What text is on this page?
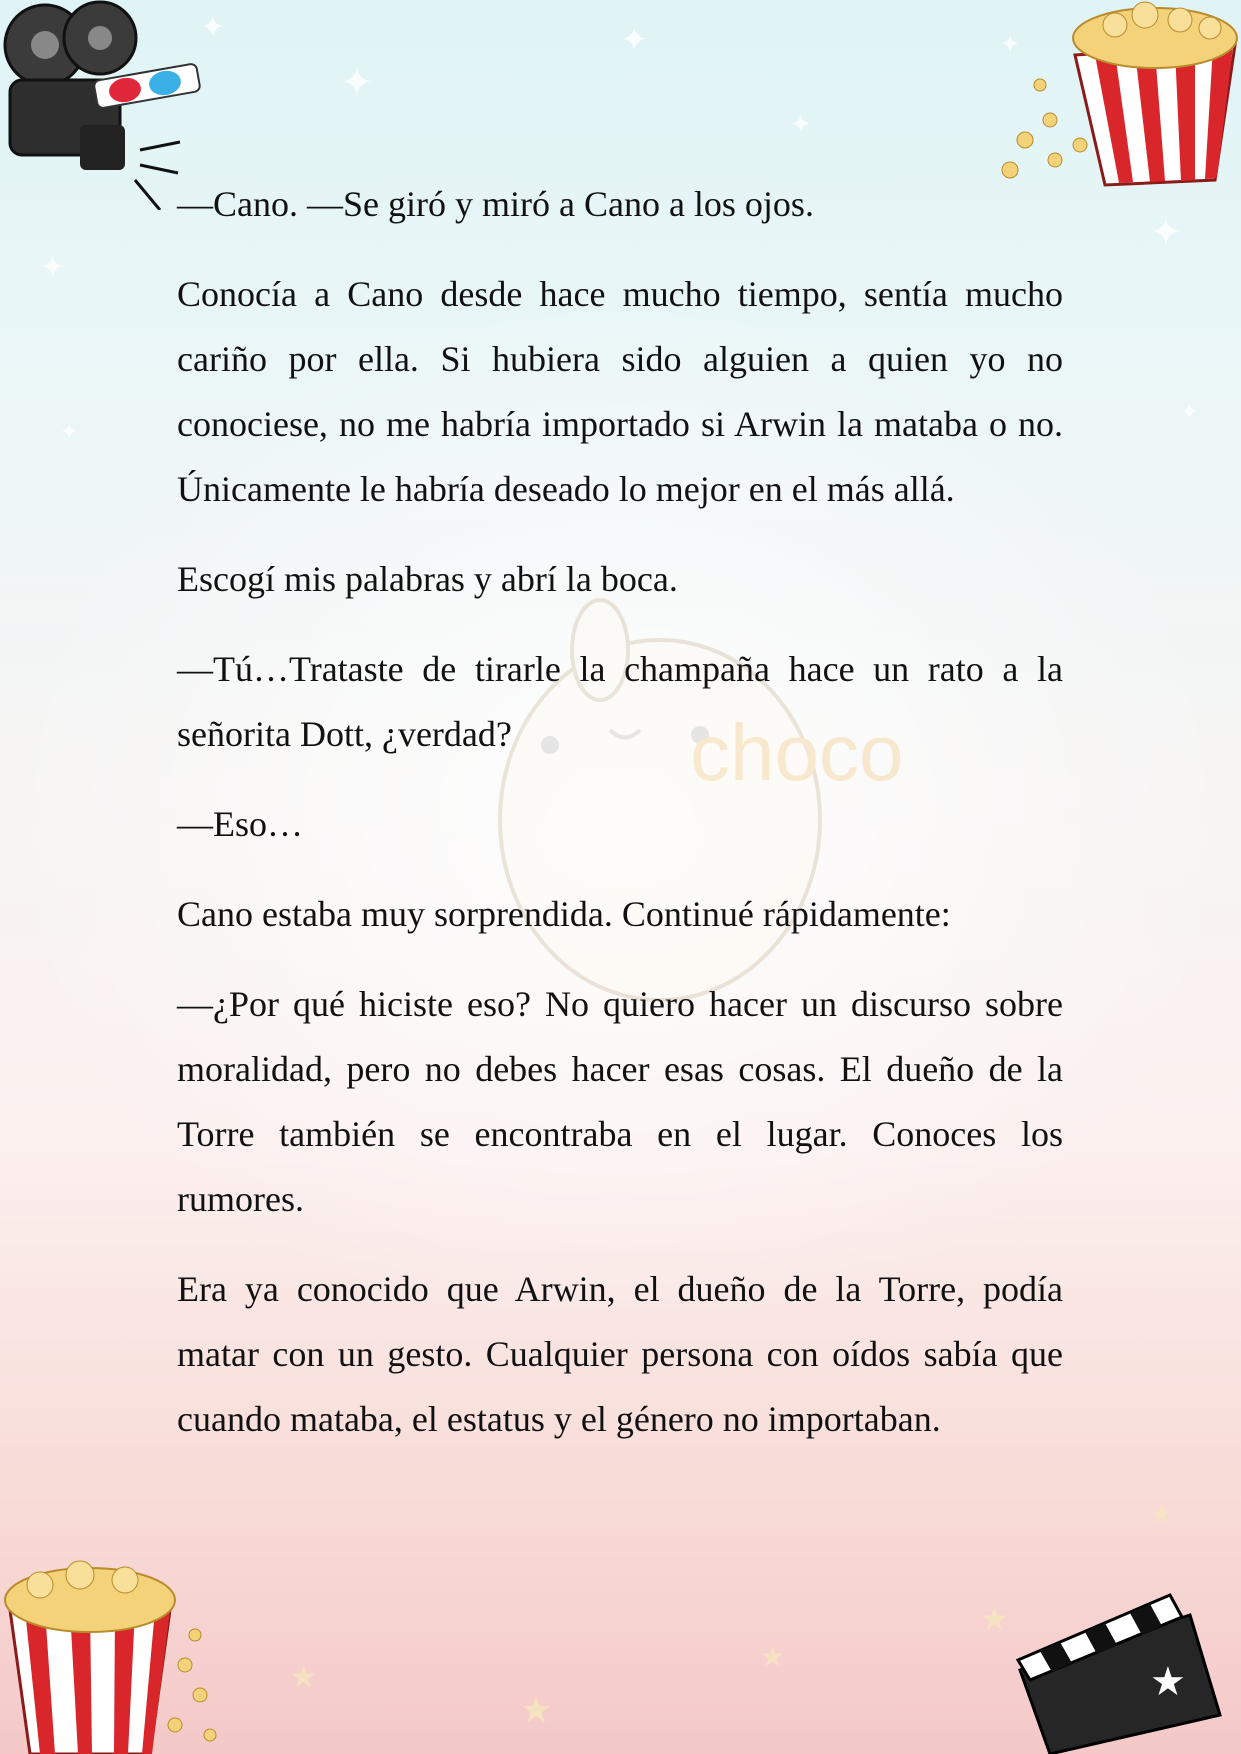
✦
✦
✦
✦
✦
✦
✦
✦
✦
★
★
★
★
★
choco
★

—Cano. —Se giró y miró a Cano a los ojos.

Conocía a Cano desde hace mucho tiempo, sentía mucho cariño por ella. Si hubiera sido alguien a quien yo no conociese, no me habría importado si Arwin la mataba o no. Únicamente le habría deseado lo mejor en el más allá.

Escogí mis palabras y abrí la boca.

—Tú…Trataste de tirarle la champaña hace un rato a la señorita Dott, ¿verdad?

—Eso…

Cano estaba muy sorprendida. Continué rápidamente:

—¿Por qué hiciste eso? No quiero hacer un discurso sobre moralidad, pero no debes hacer esas cosas. El dueño de la Torre también se encontraba en el lugar. Conoces los rumores.

Era ya conocido que Arwin, el dueño de la Torre, podía matar con un gesto. Cualquier persona con oídos sabía que cuando mataba, el estatus y el género no importaban.
